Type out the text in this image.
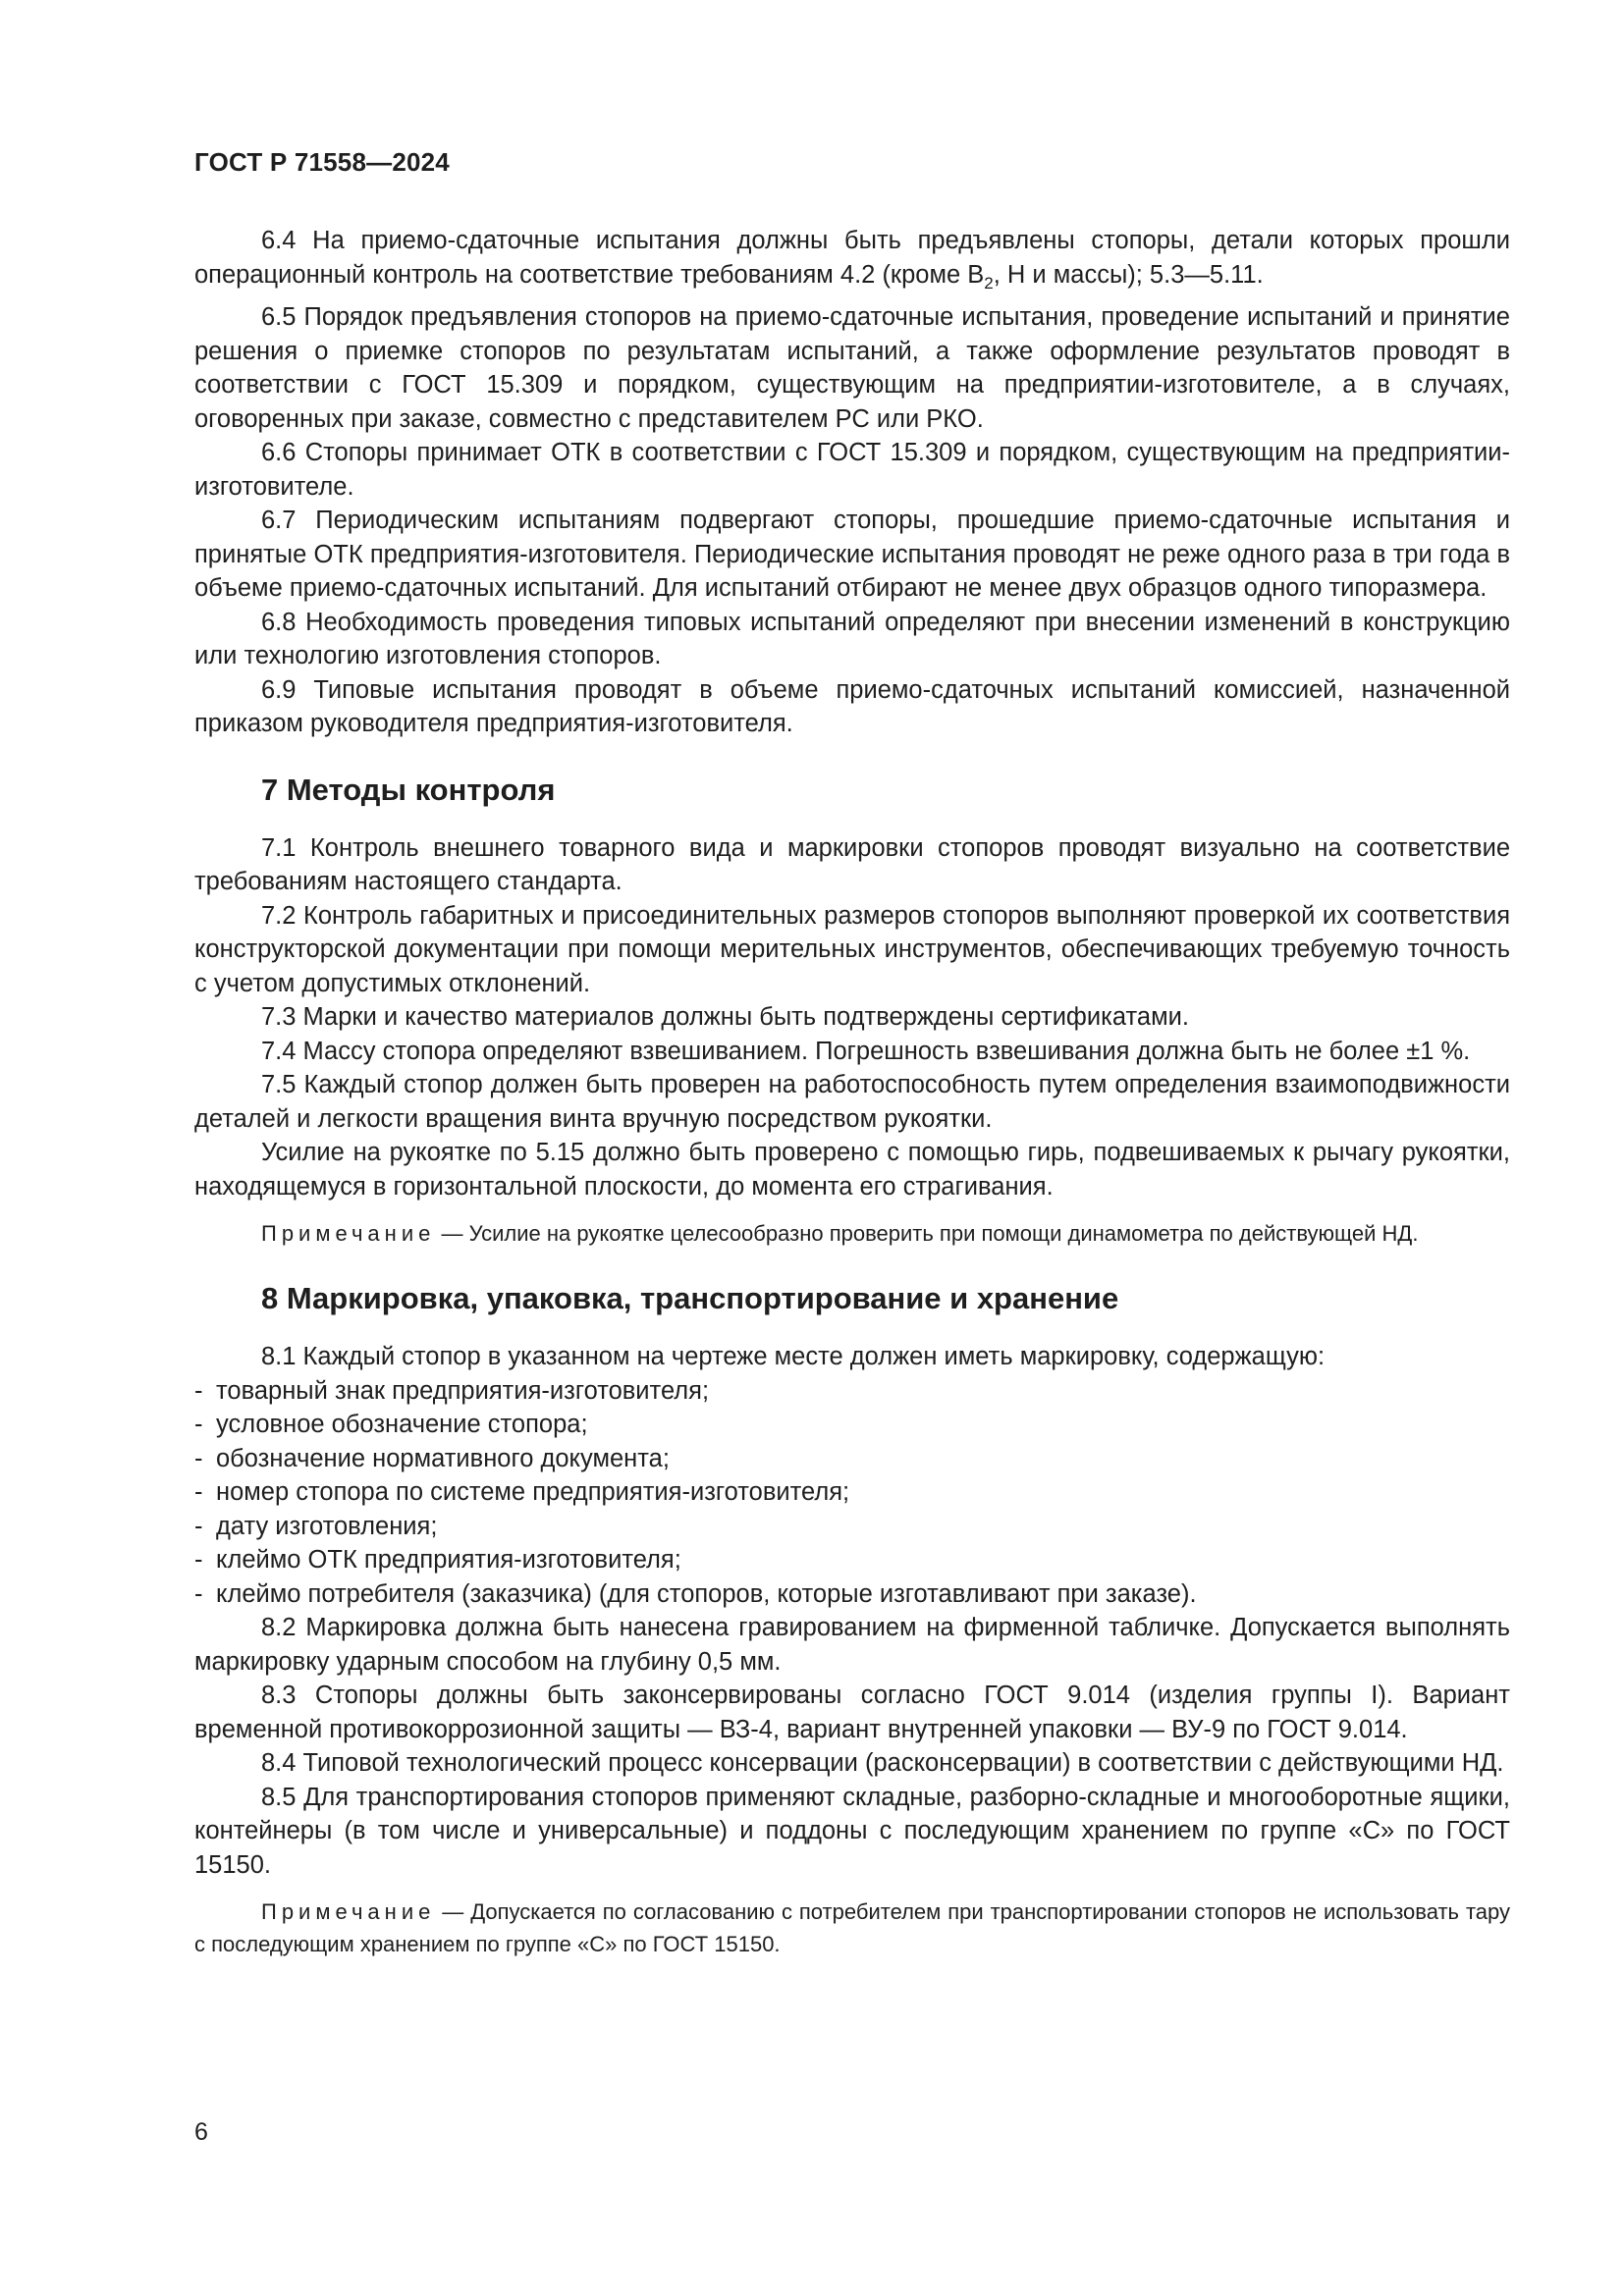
ГОСТ Р 71558—2024

6.4 На приемо-сдаточные испытания должны быть предъявлены стопоры, детали которых прошли операционный контроль на соответствие требованиям 4.2 (кроме $B_2$, H и массы); 5.3—5.11.

6.5 Порядок предъявления стопоров на приемо-сдаточные испытания, проведение испытаний и принятие решения о приемке стопоров по результатам испытаний, а также оформление результатов проводят в соответствии с ГОСТ 15.309 и порядком, существующим на предприятии-изготовителе, а в случаях, оговоренных при заказе, совместно с представителем РС или РКО.

6.6 Стопоры принимает ОТК в соответствии с ГОСТ 15.309 и порядком, существующим на предприятии-изготовителе.

6.7 Периодическим испытаниям подвергают стопоры, прошедшие приемо-сдаточные испытания и принятые ОТК предприятия-изготовителя. Периодические испытания проводят не реже одного раза в три года в объеме приемо-сдаточных испытаний. Для испытаний отбирают не менее двух образцов одного типоразмера.

6.8 Необходимость проведения типовых испытаний определяют при внесении изменений в конструкцию или технологию изготовления стопоров.

6.9 Типовые испытания проводят в объеме приемо-сдаточных испытаний комиссией, назначенной приказом руководителя предприятия-изготовителя.

7 Методы контроля

7.1 Контроль внешнего товарного вида и маркировки стопоров проводят визуально на соответствие требованиям настоящего стандарта.

7.2 Контроль габаритных и присоединительных размеров стопоров выполняют проверкой их соответствия конструкторской документации при помощи мерительных инструментов, обеспечивающих требуемую точность с учетом допустимых отклонений.

7.3 Марки и качество материалов должны быть подтверждены сертификатами.

7.4 Массу стопора определяют взвешиванием. Погрешность взвешивания должна быть не более ±1 %.

7.5 Каждый стопор должен быть проверен на работоспособность путем определения взаимоподвижности деталей и легкости вращения винта вручную посредством рукоятки.

Усилие на рукоятке по 5.15 должно быть проверено с помощью гирь, подвешиваемых к рычагу рукоятки, находящемуся в горизонтальной плоскости, до момента его страгивания.

Примечание — Усилие на рукоятке целесообразно проверить при помощи динамометра по действующей НД.

8 Маркировка, упаковка, транспортирование и хранение

8.1 Каждый стопор в указанном на чертеже месте должен иметь маркировку, содержащую:

- товарный знак предприятия-изготовителя;
- условное обозначение стопора;
- обозначение нормативного документа;
- номер стопора по системе предприятия-изготовителя;
- дату изготовления;
- клеймо ОТК предприятия-изготовителя;
- клеймо потребителя (заказчика) (для стопоров, которые изготавливают при заказе).

8.2 Маркировка должна быть нанесена гравированием на фирменной табличке. Допускается выполнять маркировку ударным способом на глубину 0,5 мм.

8.3 Стопоры должны быть законсервированы согласно ГОСТ 9.014 (изделия группы I). Вариант временной противокоррозионной защиты — ВЗ-4, вариант внутренней упаковки — ВУ-9 по ГОСТ 9.014.

8.4 Типовой технологический процесс консервации (расконсервации) в соответствии с действующими НД.

8.5 Для транспортирования стопоров применяют складные, разборно-складные и многооборотные ящики, контейнеры (в том числе и универсальные) и поддоны с последующим хранением по группе «С» по ГОСТ 15150.

Примечание — Допускается по согласованию с потребителем при транспортировании стопоров не использовать тару с последующим хранением по группе «С» по ГОСТ 15150.

6
